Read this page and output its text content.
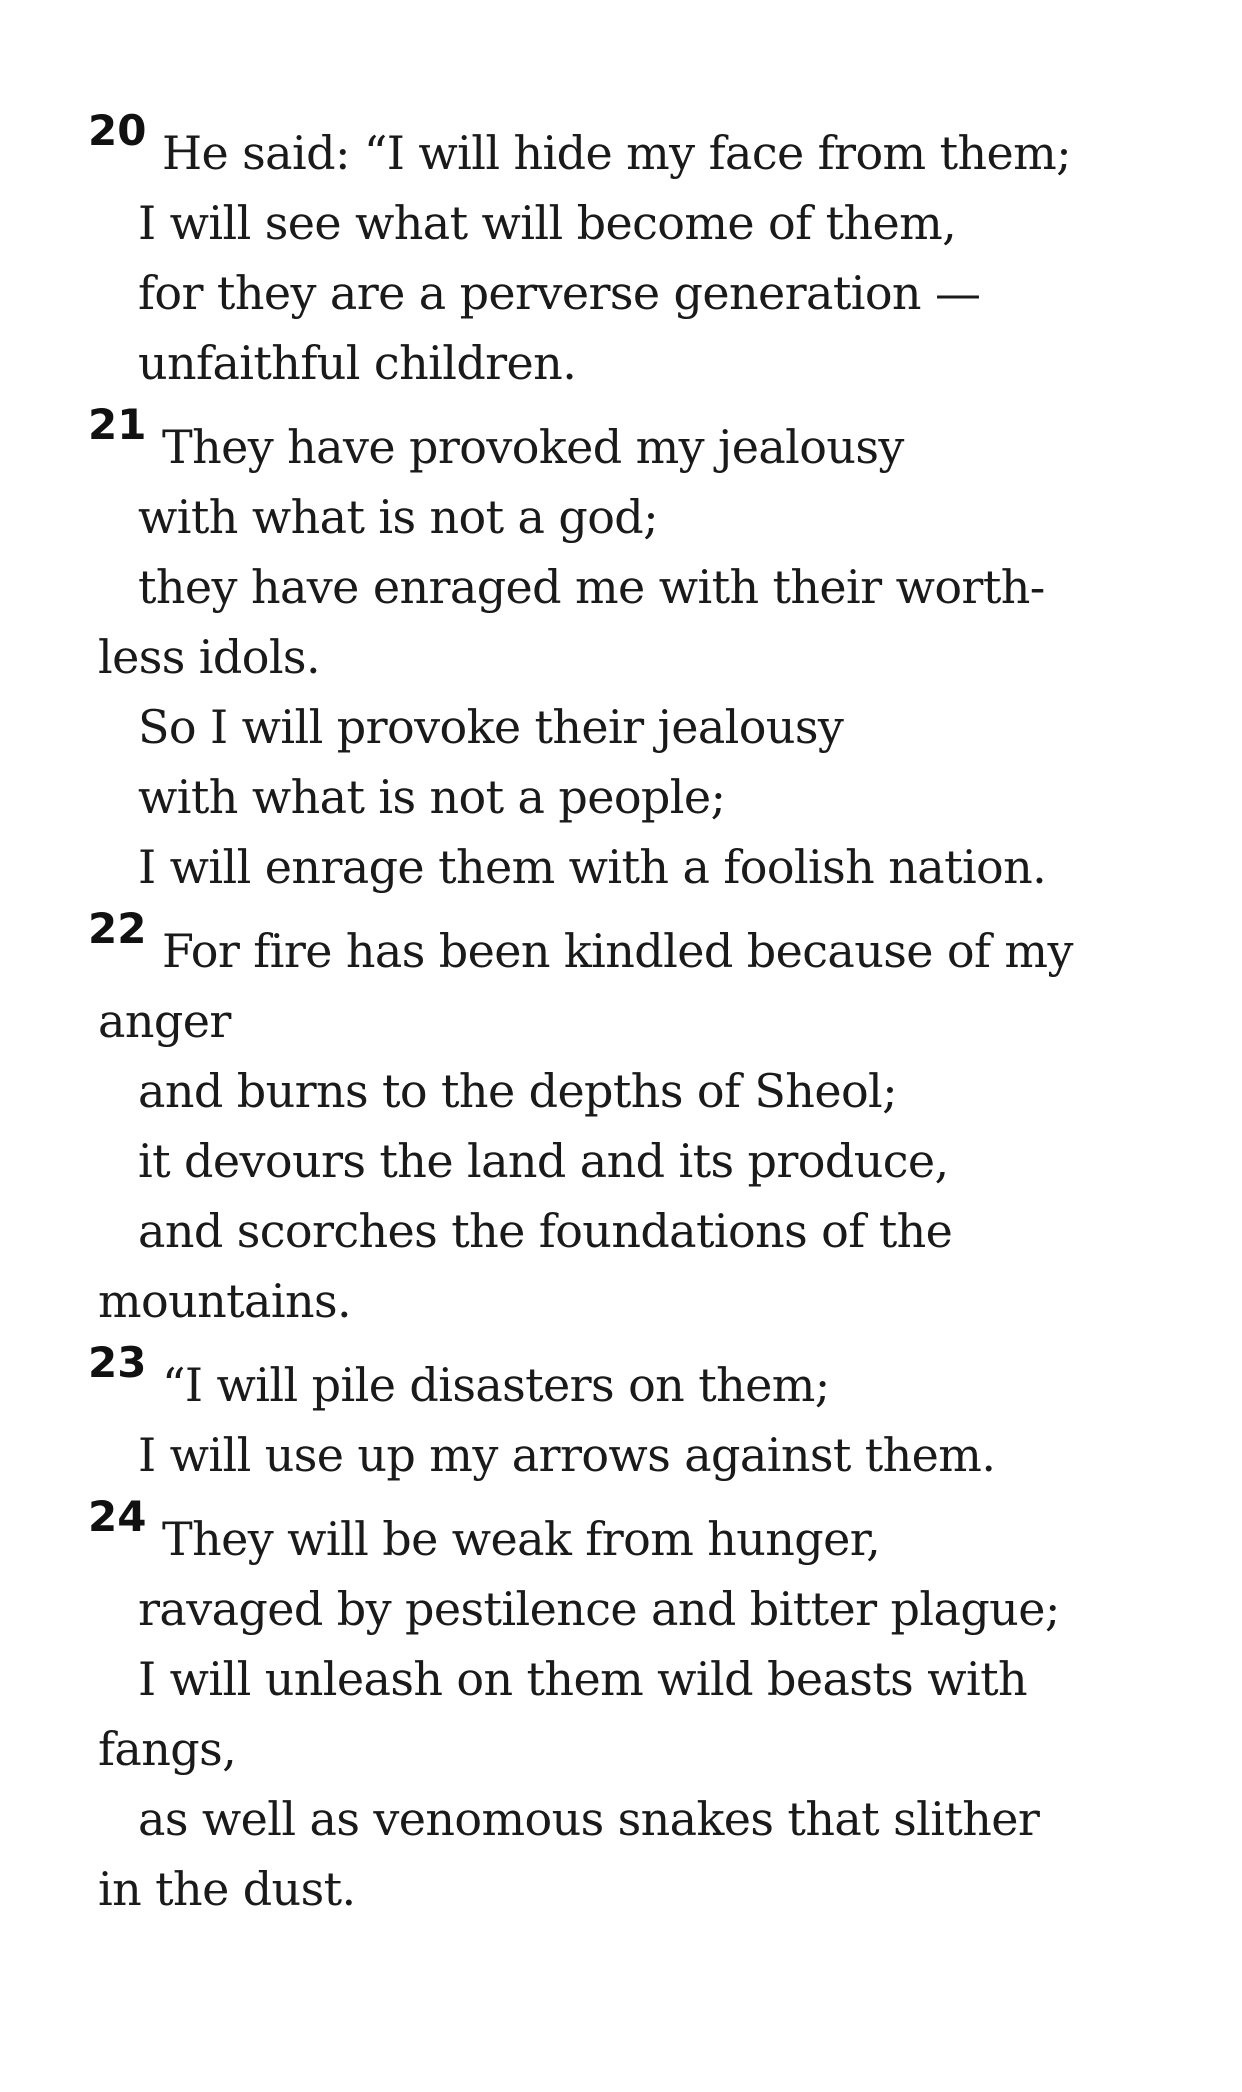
20 He said: “I will hide my face from them;
I will see what will become of them,
for they are a perverse generation —
unfaithful children.
21 They have provoked my jealousy
with what is not a god;
they have enraged me with their worth-
less idols.
So I will provoke their jealousy
with what is not a people;
I will enrage them with a foolish nation.
22 For fire has been kindled because of my
anger
and burns to the depths of Sheol;
it devours the land and its produce,
and scorches the foundations of the
mountains.
23 “I will pile disasters on them;
I will use up my arrows against them.
24 They will be weak from hunger,
ravaged by pestilence and bitter plague;
I will unleash on them wild beasts with
fangs,
as well as venomous snakes that slither
in the dust.
